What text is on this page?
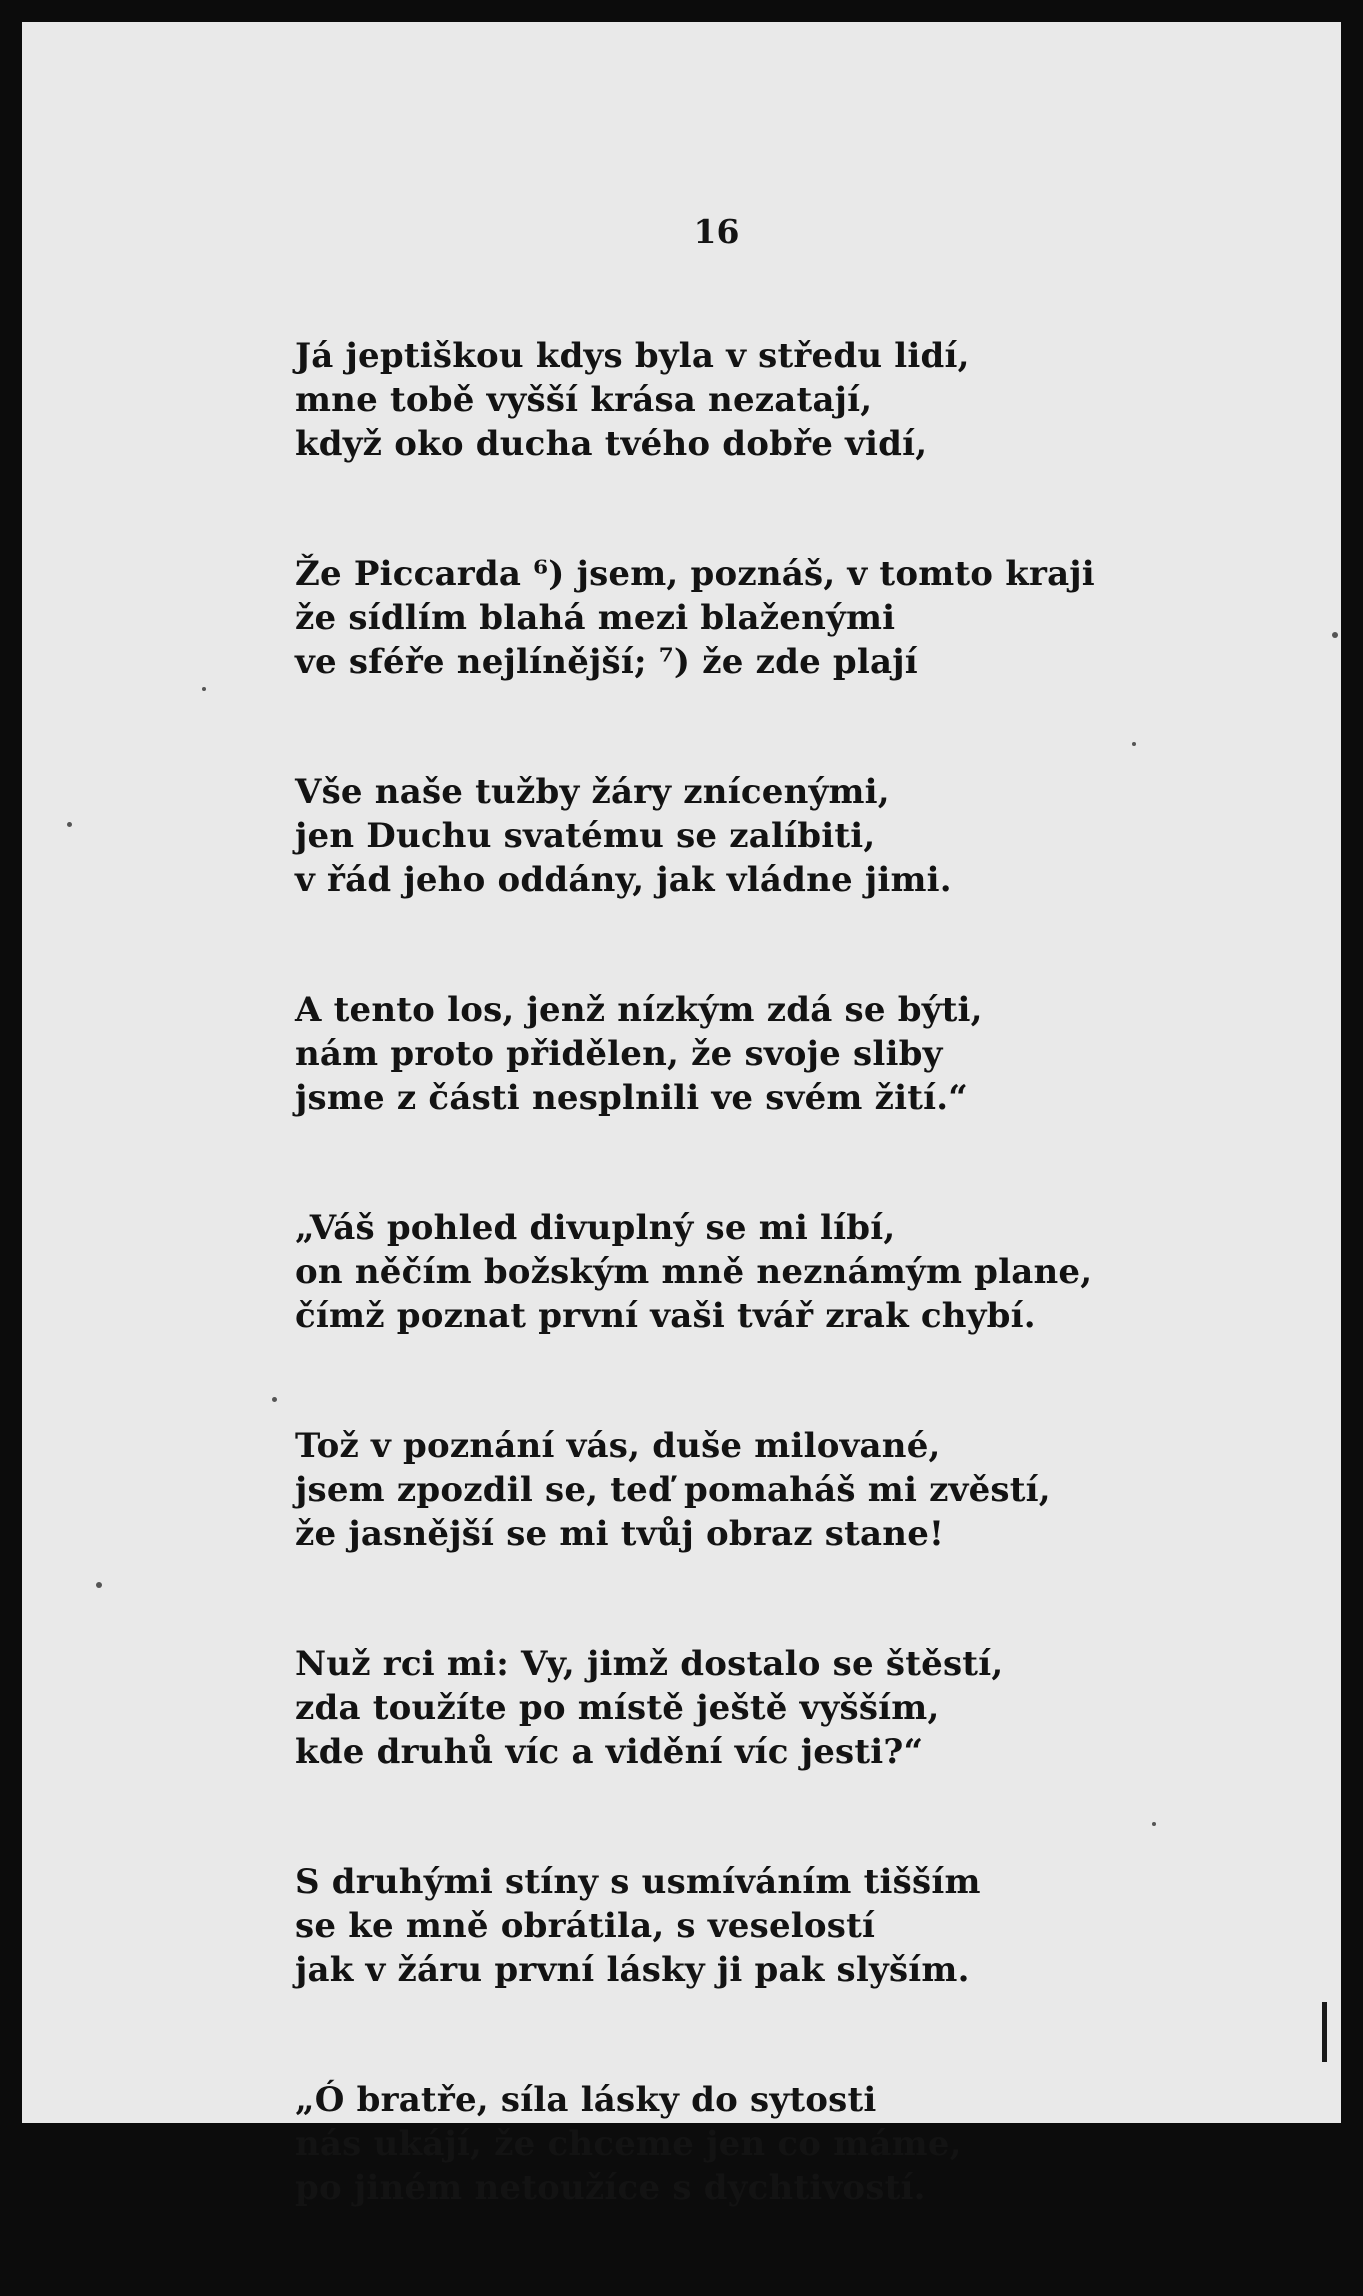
16
Já jeptiškou kdys byla v středu lidí,
mne tobě vyšší krása nezatají,
když oko ducha tvého dobře vidí,
Že Piccarda ⁶) jsem, poznáš, v tomto kraji
že sídlím blahá mezi blaženými
ve sféře nejlínější; ⁷) že zde plají
Vše naše tužby žáry znícenými,
jen Duchu svatému se zalíbiti,
v řád jeho oddány, jak vládne jimi.
A tento los, jenž nízkým zdá se býti,
nám proto přidělen, že svoje sliby
jsme z části nesplnili ve svém žití.“
„Váš pohled divuplný se mi líbí,
on něčím božským mně neznámým plane,
čímž poznat první vaši tvář zrak chybí.
Tož v poznání vás, duše milované,
jsem zpozdil se, teď pomaháš mi zvěstí,
že jasnější se mi tvůj obraz stane!
Nuž rci mi: Vy, jimž dostalo se štěstí,
zda toužíte po místě ještě vyšším,
kde druhů víc a vidění víc jesti?“
S druhými stíny s usmíváním tišším
se ke mně obrátila, s veselostí
jak v žáru první lásky ji pak slyším.
„Ó bratře, síla lásky do sytosti
nás ukájí, že chceme jen co máme,
po jiném netoužíce s dychtivostí.
